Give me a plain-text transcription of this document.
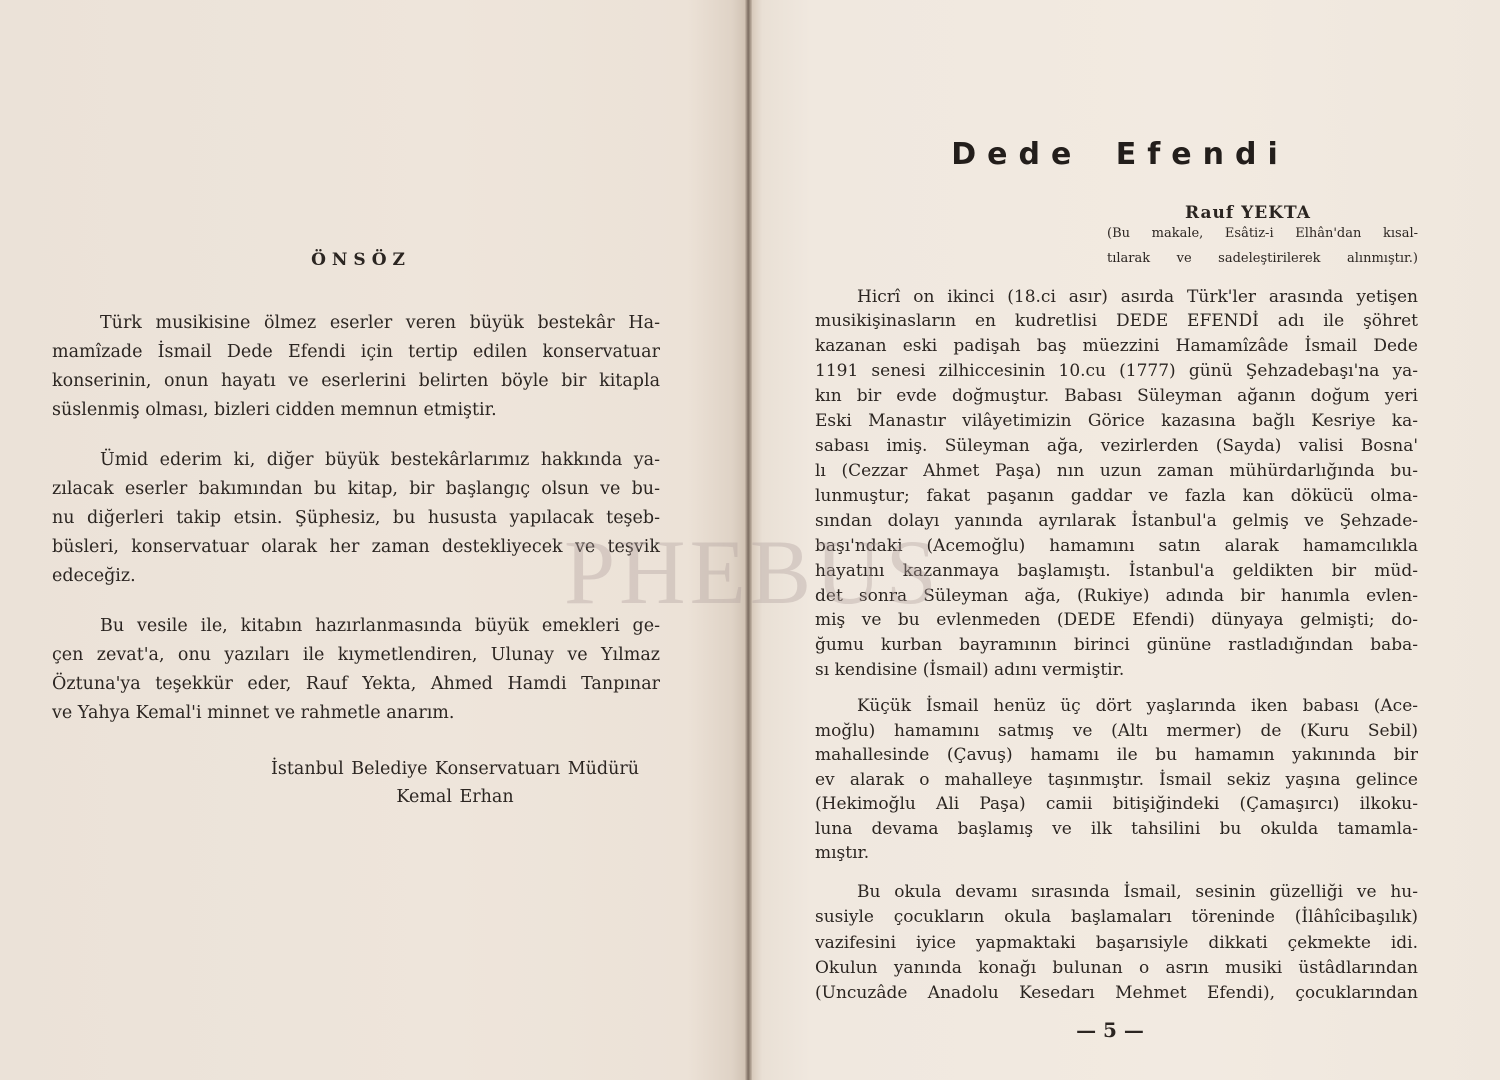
ÖNSÖZ
Türk musikisine ölmez eserler veren büyük bestekâr Ha-
mamîzade İsmail Dede Efendi için tertip edilen konservatuar
konserinin, onun hayatı ve eserlerini belirten böyle bir kitapla
süslenmiş olması, bizleri cidden memnun etmiştir.
Ümid ederim ki, diğer büyük bestekârlarımız hakkında ya-
zılacak eserler bakımından bu kitap, bir başlangıç olsun ve bu-
nu diğerleri takip etsin. Şüphesiz, bu hususta yapılacak teşeb-
büsleri, konservatuar olarak her zaman destekliyecek ve teşvik
edeceğiz.
Bu vesile ile, kitabın hazırlanmasında büyük emekleri ge-
çen zevat'a, onu yazıları ile kıymetlendiren, Ulunay ve Yılmaz
Öztuna'ya teşekkür eder, Rauf Yekta, Ahmed Hamdi Tanpınar
ve Yahya Kemal'i minnet ve rahmetle anarım.
İstanbul Belediye Konservatuarı Müdürü
Kemal Erhan
Dede Efendi
Rauf YEKTA
(Bu makale, Esâtiz-i Elhân'dan kısal-
tılarak ve sadeleştirilerek alınmıştır.)
Hicrî on ikinci (18.ci asır) asırda Türk'ler arasında yetişen
musikişinasların en kudretlisi DEDE EFENDİ adı ile şöhret
kazanan eski padişah baş müezzini Hamamîzâde İsmail Dede
1191 senesi zilhiccesinin 10.cu (1777) günü Şehzadebaşı'na ya-
kın bir evde doğmuştur. Babası Süleyman ağanın doğum yeri
Eski Manastır vilâyetimizin Görice kazasına bağlı Kesriye ka-
sabası imiş. Süleyman ağa, vezirlerden (Sayda) valisi Bosna'
lı (Cezzar Ahmet Paşa) nın uzun zaman mühürdarlığında bu-
lunmuştur; fakat paşanın gaddar ve fazla kan dökücü olma-
sından dolayı yanında ayrılarak İstanbul'a gelmiş ve Şehzade-
başı'ndaki (Acemoğlu) hamamını satın alarak hamamcılıkla
hayatını kazanmaya başlamıştı. İstanbul'a geldikten bir müd-
det sonra Süleyman ağa, (Rukiye) adında bir hanımla evlen-
miş ve bu evlenmeden (DEDE Efendi) dünyaya gelmişti; do-
ğumu kurban bayramının birinci gününe rastladığından baba-
sı kendisine (İsmail) adını vermiştir.
Küçük İsmail henüz üç dört yaşlarında iken babası (Ace-
moğlu) hamamını satmış ve (Altı mermer) de (Kuru Sebil)
mahallesinde (Çavuş) hamamı ile bu hamamın yakınında bir
ev alarak o mahalleye taşınmıştır. İsmail sekiz yaşına gelince
(Hekimoğlu Ali Paşa) camii bitişiğindeki (Çamaşırcı) ilkoku-
luna devama başlamış ve ilk tahsilini bu okulda tamamla-
mıştır.
Bu okula devamı sırasında İsmail, sesinin güzelliği ve hu-
susiyle çocukların okula başlamaları töreninde (İlâhîcibaşılık)
vazifesini iyice yapmaktaki başarısiyle dikkati çekmekte idi.
Okulun yanında konağı bulunan o asrın musiki üstâdlarından
(Uncuzâde Anadolu Kesedarı Mehmet Efendi), çocuklarından
— 5 —
PHEBUS
